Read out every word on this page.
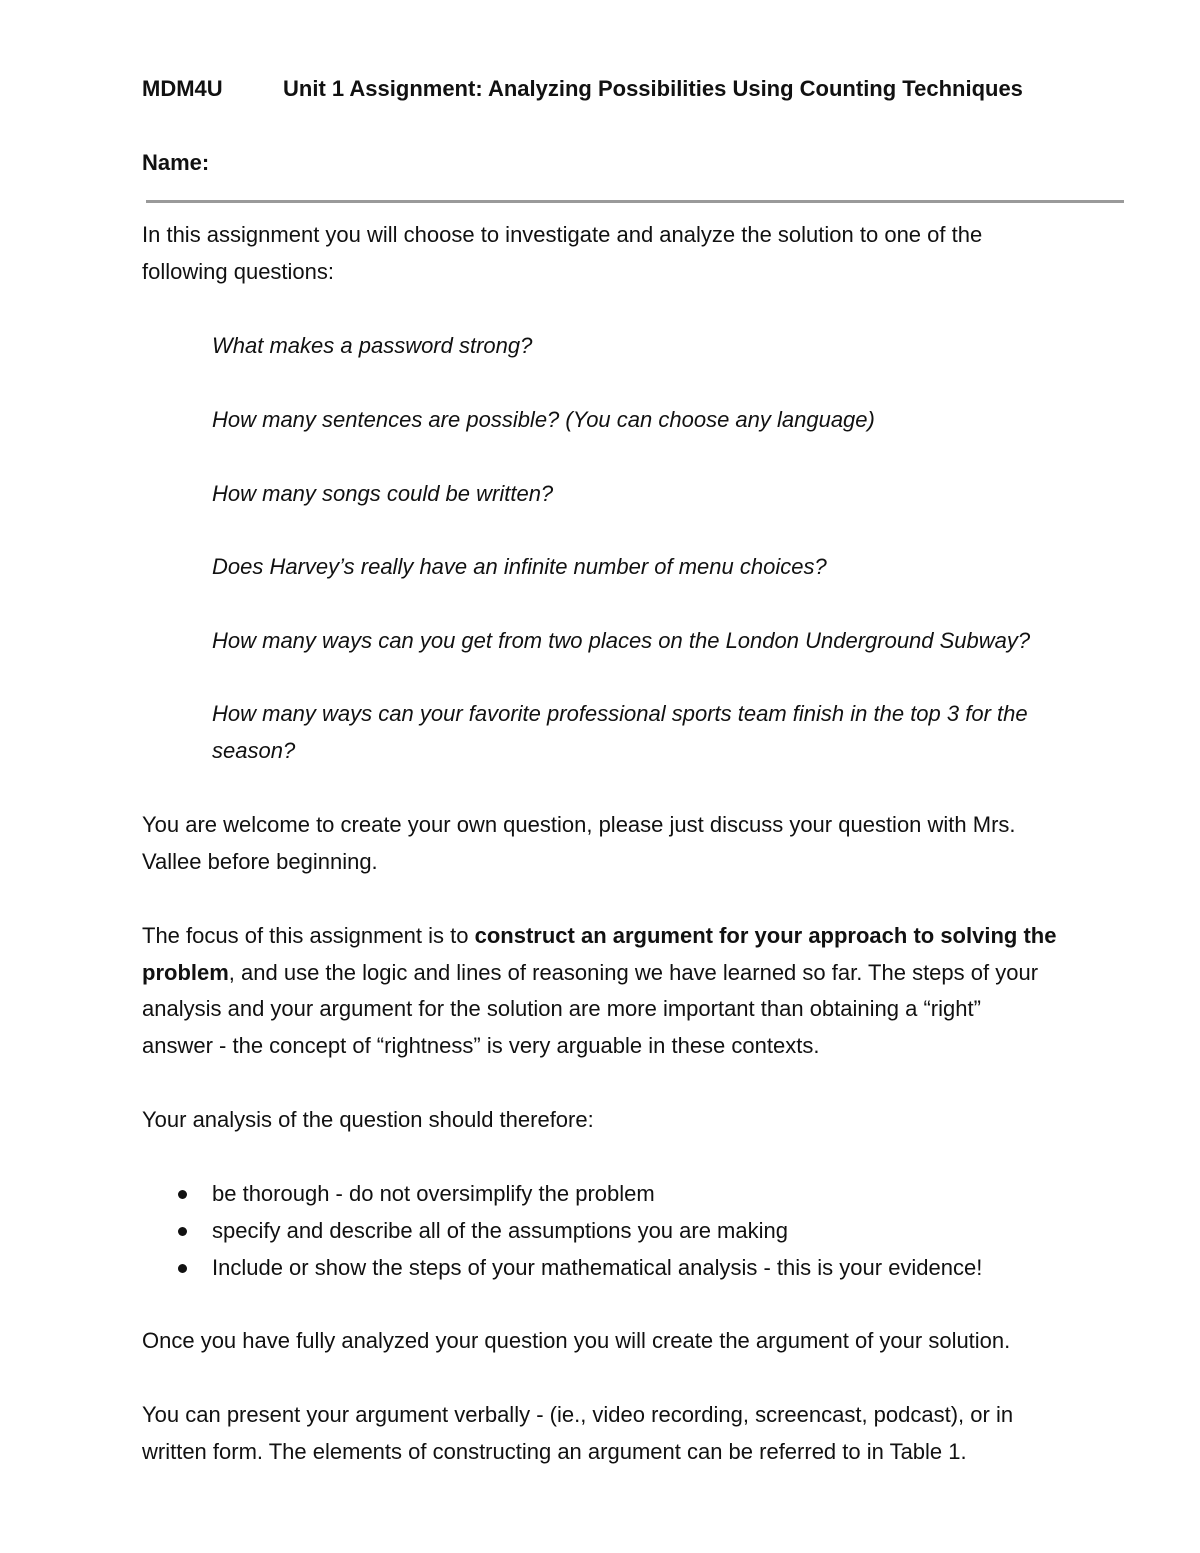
MDM4U	Unit 1 Assignment: Analyzing Possibilities Using Counting Techniques
Name:
In this assignment you will choose to investigate and analyze the solution to one of the
following questions:
What makes a password strong?
How many sentences are possible? (You can choose any language)
How many songs could be written?
Does Harvey’s really have an infinite number of menu choices?
How many ways can you get from two places on the London Underground Subway?
How many ways can your favorite professional sports team finish in the top 3 for the
season?
You are welcome to create your own question, please just discuss your question with Mrs.
Vallee before beginning.
The focus of this assignment is to construct an argument for your approach to solving the
problem, and use the logic and lines of reasoning we have learned so far. The steps of your
analysis and your argument for the solution are more important than obtaining a “right”
answer - the concept of “rightness” is very arguable in these contexts.
Your analysis of the question should therefore:
be thorough - do not oversimplify the problem
specify and describe all of the assumptions you are making
Include or show the steps of your mathematical analysis - this is your evidence!
Once you have fully analyzed your question you will create the argument of your solution.
You can present your argument verbally - (ie., video recording, screencast, podcast), or in
written form. The elements of constructing an argument can be referred to in Table 1.
